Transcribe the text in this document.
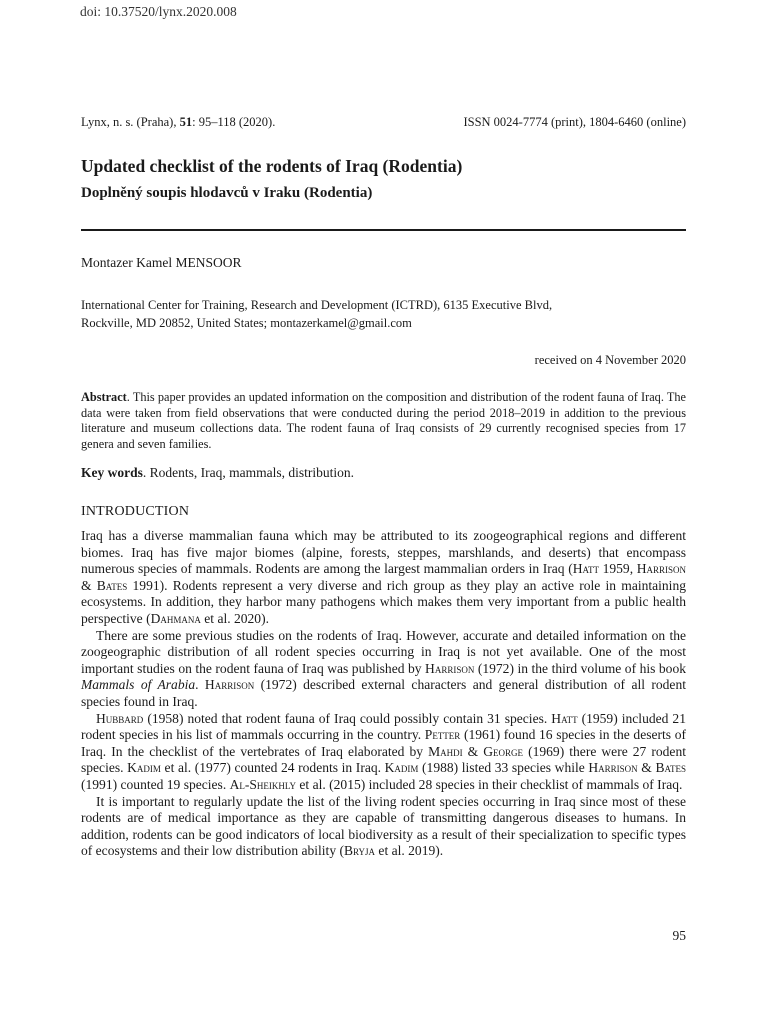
doi: 10.37520/lynx.2020.008
Lynx, n. s. (Praha), 51: 95–118 (2020).	ISSN 0024-7774 (print), 1804-6460 (online)
Updated checklist of the rodents of Iraq (Rodentia)
Doplněný soupis hlodavců v Iraku (Rodentia)
Montazer Kamel MENSOOR
International Center for Training, Research and Development (ICTRD), 6135 Executive Blvd,
Rockville, MD 20852, United States; montazerkamel@gmail.com
received on 4 November 2020
Abstract. This paper provides an updated information on the composition and distribution of the rodent fauna of Iraq. The data were taken from field observations that were conducted during the period 2018–2019 in addition to the previous literature and museum collections data. The rodent fauna of Iraq consists of 29 currently recognised species from 17 genera and seven families.
Key words. Rodents, Iraq, mammals, distribution.
INTRODUCTION

Iraq has a diverse mammalian fauna which may be attributed to its zoogeographical regions and different biomes. Iraq has five major biomes (alpine, forests, steppes, marshlands, and deserts) that encompass numerous species of mammals. Rodents are among the largest mammalian orders in Iraq (Hatt 1959, Harrison & Bates 1991). Rodents represent a very diverse and rich group as they play an active role in maintaining ecosystems. In addition, they harbor many pathogens which makes them very important from a public health perspective (Dahmana et al. 2020).

There are some previous studies on the rodents of Iraq. However, accurate and detailed information on the zoogeographic distribution of all rodent species occurring in Iraq is not yet available. One of the most important studies on the rodent fauna of Iraq was published by Harrison (1972) in the third volume of his book Mammals of Arabia. Harrison (1972) described external characters and general distribution of all rodent species found in Iraq.

Hubbard (1958) noted that rodent fauna of Iraq could possibly contain 31 species. Hatt (1959) included 21 rodent species in his list of mammals occurring in the country. Petter (1961) found 16 species in the deserts of Iraq. In the checklist of the vertebrates of Iraq elaborated by Mahdi & George (1969) there were 27 rodent species. Kadim et al. (1977) counted 24 rodents in Iraq. Kadim (1988) listed 33 species while Harrison & Bates (1991) counted 19 species. Al-Sheikhly et al. (2015) included 28 species in their checklist of mammals of Iraq.

It is important to regularly update the list of the living rodent species occurring in Iraq since most of these rodents are of medical importance as they are capable of transmitting dangerous diseases to humans. In addition, rodents can be good indicators of local biodiversity as a result of their specialization to specific types of ecosystems and their low distribution ability (Bryja et al. 2019).

95
